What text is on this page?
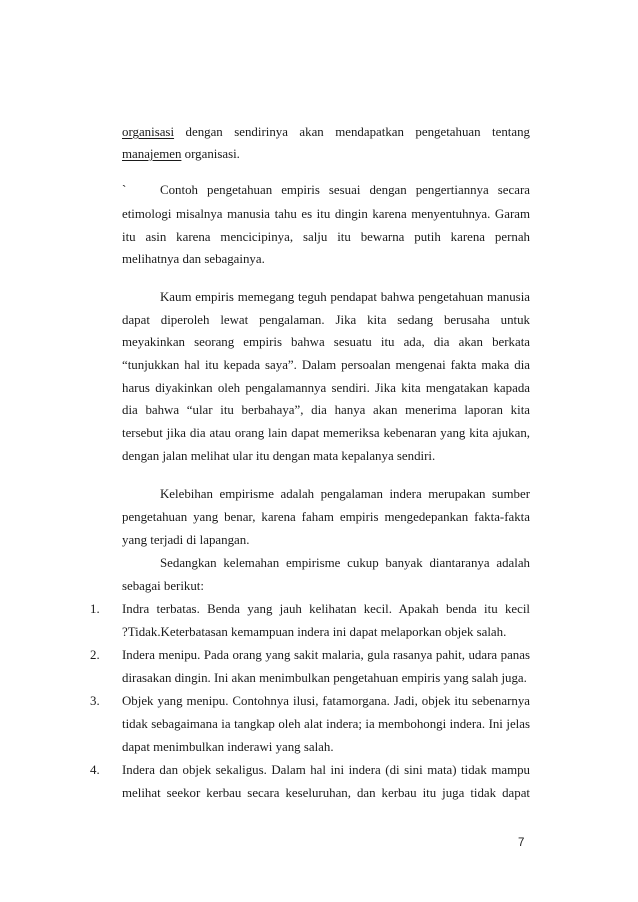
organisasi dengan sendirinya akan mendapatkan pengetahuan tentang
manajemen organisasi.
`	Contoh pengetahuan empiris sesuai dengan pengertiannya secara
etimologi misalnya manusia tahu es itu dingin karena menyentuhnya. Garam
itu asin karena mencicipinya, salju itu bewarna putih karena pernah
melihatnya dan sebagainya.
Kaum empiris memegang teguh pendapat bahwa pengetahuan manusia
dapat diperoleh lewat pengalaman. Jika kita sedang berusaha untuk
meyakinkan seorang empiris bahwa sesuatu itu ada, dia akan berkata
“tunjukkan hal itu kepada saya”. Dalam persoalan mengenai fakta maka dia
harus diyakinkan oleh pengalamannya sendiri. Jika kita mengatakan kapada
dia bahwa “ular itu berbahaya”, dia hanya akan menerima laporan kita
tersebut jika dia atau orang lain dapat memeriksa kebenaran yang kita ajukan,
dengan jalan melihat ular itu dengan mata kepalanya sendiri.
Kelebihan empirisme adalah pengalaman indera merupakan sumber
pengetahuan yang benar, karena faham empiris mengedepankan fakta-fakta
yang terjadi di lapangan.
Sedangkan kelemahan empirisme cukup banyak diantaranya adalah
sebagai berikut:
1. Indra terbatas. Benda yang jauh kelihatan kecil. Apakah benda itu kecil
?Tidak.Keterbatasan kemampuan indera ini dapat melaporkan objek salah.
2. Indera menipu. Pada orang yang sakit malaria, gula rasanya pahit, udara panas
dirasakan dingin. Ini akan menimbulkan pengetahuan empiris yang salah juga.
3. Objek yang menipu. Contohnya ilusi, fatamorgana. Jadi, objek itu sebenarnya
tidak sebagaimana ia tangkap oleh alat indera; ia membohongi indera. Ini jelas
dapat menimbulkan inderawi yang salah.
4. Indera dan objek sekaligus. Dalam hal ini indera (di sini mata) tidak mampu
melihat seekor kerbau secara keseluruhan, dan kerbau itu juga tidak dapat
7
